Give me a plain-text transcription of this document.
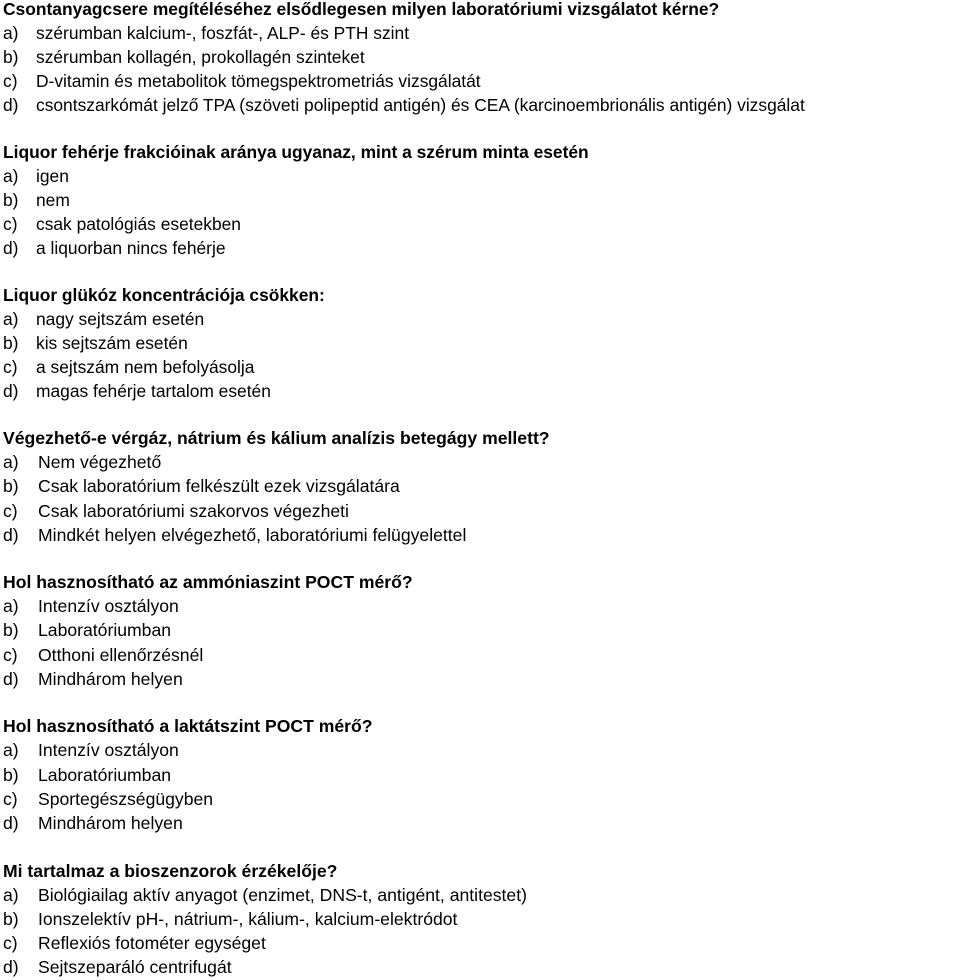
Csontanyagcsere megítéléséhez elsődlegesen milyen laboratóriumi vizsgálatot kérne?

a)	szérumban kalcium-, foszfát-, ALP- és PTH szint

b)	szérumban kollagén, prokollagén szinteket

c)	D-vitamin és metabolitok tömegspektrometriás vizsgálatát

d)	csontszarkómát jelző TPA (szöveti polipeptid antigén) és CEA (karcinoembrionális antigén) vizsgálat

Liquor fehérje frakcióinak aránya ugyanaz, mint a szérum minta esetén

a)	igen

b)	nem

c)	csak patológiás esetekben

d)	a liquorban nincs fehérje

Liquor glükóz koncentrációja csökken:

a)	nagy sejtszám esetén

b)	kis sejtszám esetén

c)	a sejtszám nem befolyásolja

d)	magas fehérje tartalom esetén

Végezhető-e vérgáz, nátrium és kálium analízis betegágy mellett?

a)	Nem végezhető

b)	Csak laboratórium felkészült ezek vizsgálatára

c)	Csak laboratóriumi szakorvos végezheti

d)	Mindkét helyen elvégezhető, laboratóriumi felügyelettel

Hol hasznosítható az ammóniaszint POCT mérő?

a)	Intenzív osztályon

b)	Laboratóriumban

c)	Otthoni ellenőrzésnél

d)	Mindhárom helyen

Hol hasznosítható a laktátszint POCT mérő?

a)	Intenzív osztályon

b)	Laboratóriumban

c)	Sportegészségügyben

d)	Mindhárom helyen

Mi tartalmaz a bioszenzorok érzékelője?

a)	Biológiailag aktív anyagot (enzimet, DNS-t, antigént, antitestet)

b)	Ionszelektív pH-, nátrium-, kálium-, kalcium-elektródot

c)	Reflexiós fotométer egységet

d)	Sejtszeparáló centrifugát
